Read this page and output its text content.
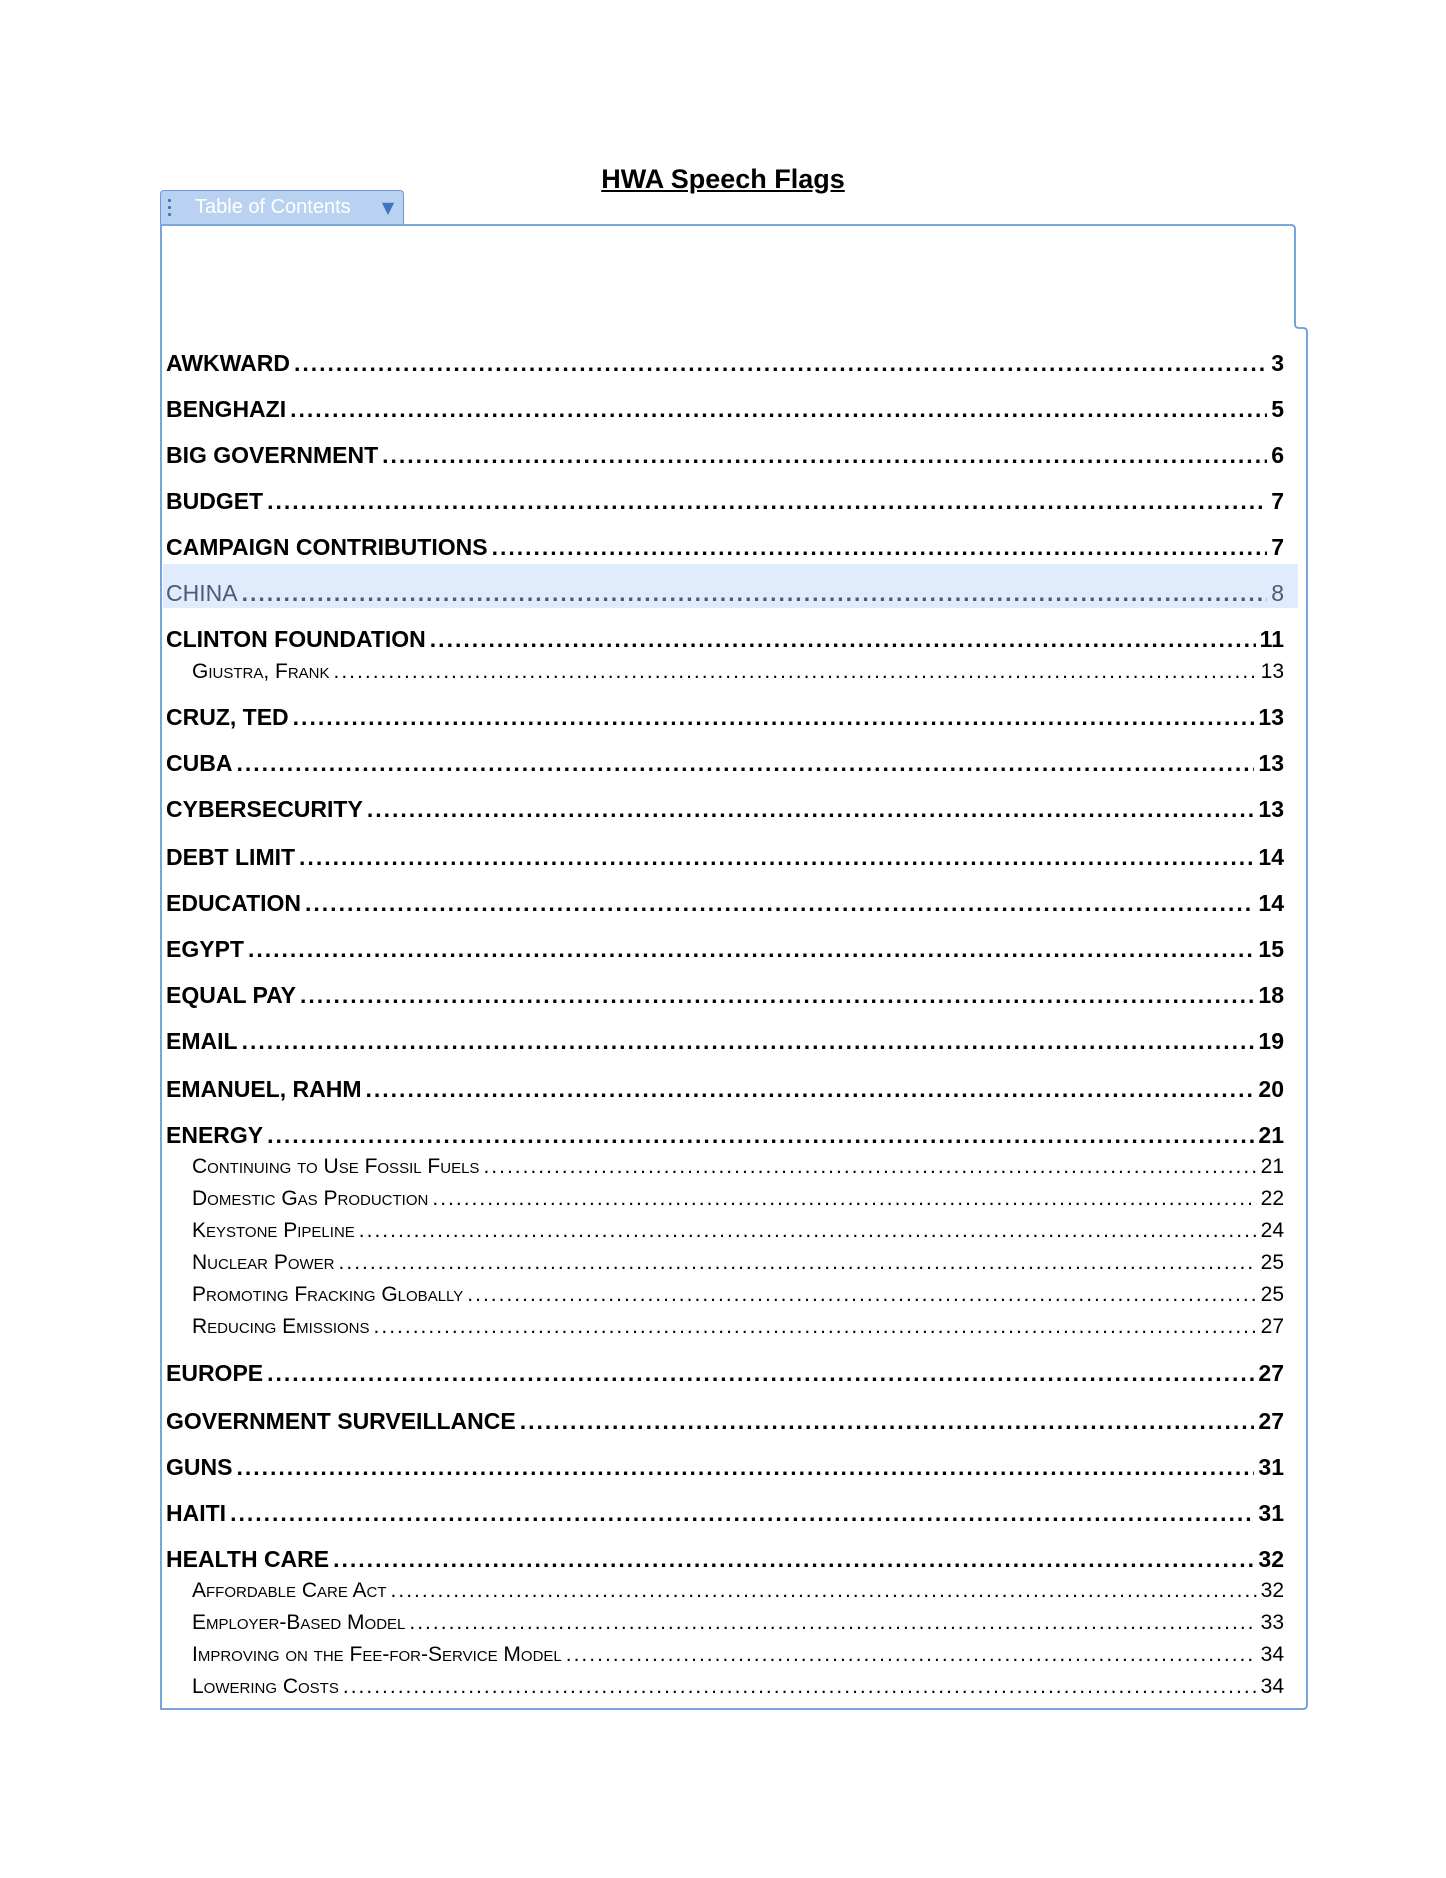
HWA Speech Flags
Table of Contents	▼
AWKWARD .....	3
BENGHAZI .....	5
BIG GOVERNMENT .....	6
BUDGET .....	7
CAMPAIGN CONTRIBUTIONS .....	7
CHINA .....	8
CLINTON FOUNDATION .....	11
Giustra, Frank .....	13
CRUZ, TED .....	13
CUBA .....	13
CYBERSECURITY .....	13
DEBT LIMIT .....	14
EDUCATION .....	14
EGYPT .....	15
EQUAL PAY .....	18
EMAIL .....	19
EMANUEL, RAHM .....	20
ENERGY .....	21
Continuing to Use Fossil Fuels .....	21
Domestic Gas Production .....	22
Keystone Pipeline .....	24
Nuclear Power .....	25
Promoting Fracking Globally .....	25
Reducing Emissions .....	27
EUROPE .....	27
GOVERNMENT SURVEILLANCE .....	27
GUNS .....	31
HAITI .....	31
HEALTH CARE .....	32
Affordable Care Act .....	32
Employer-Based Model .....	33
Improving on the Fee-for-Service Model .....	34
Lowering Costs .....	34
